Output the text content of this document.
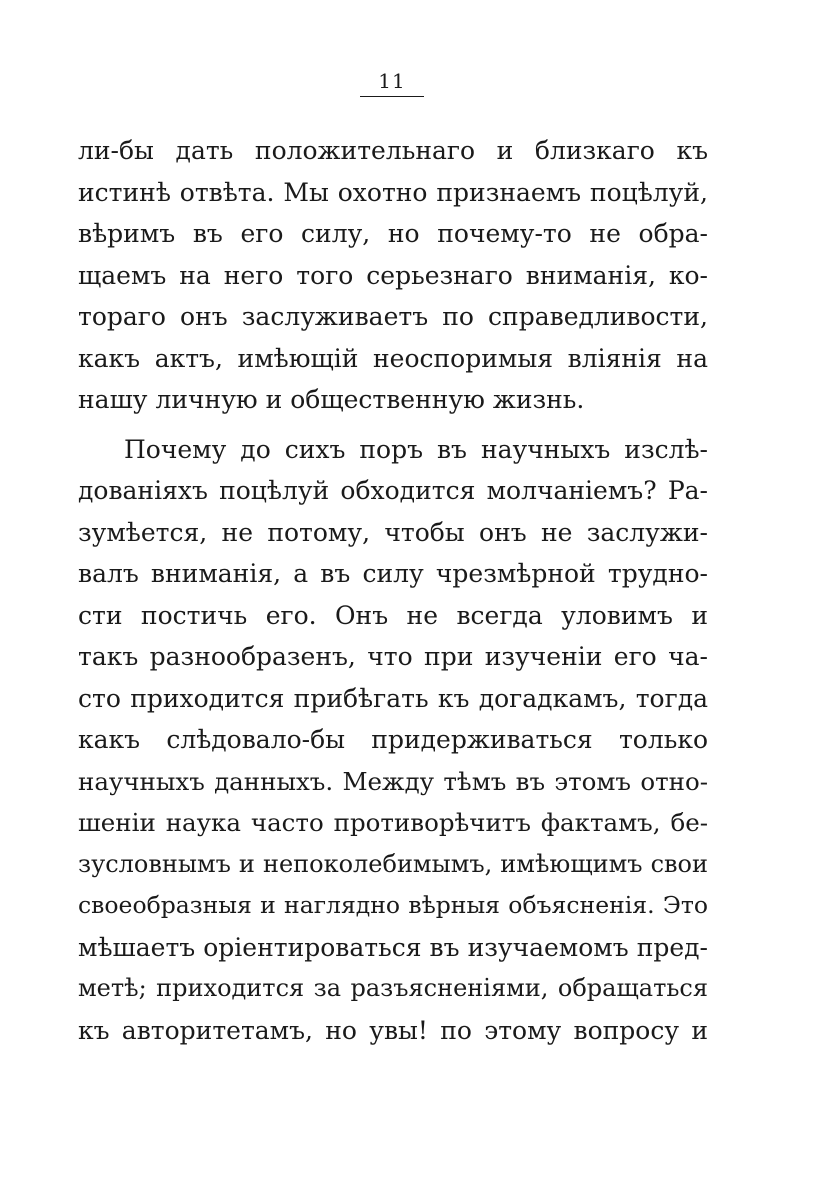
11
ли-бы дать положительнаго и близкаго къ
истинѣ отвѣта. Мы охотно признаемъ поцѣлуй,
вѣримъ въ его силу, но почему-то не обра-
щаемъ на него того серьезнаго вниманія, ко-
тораго онъ заслуживаетъ по справедливости,
какъ актъ, имѣющій неоспоримыя вліянія на
нашу личную и общественную жизнь.
Почему до сихъ поръ въ научныхъ изслѣ-
дованіяхъ поцѣлуй обходится молчаніемъ? Ра-
зумѣется, не потому, чтобы онъ не заслужи-
валъ вниманія, а въ силу чрезмѣрной трудно-
сти постичь его. Онъ не всегда уловимъ и
такъ разнообразенъ, что при изученіи его ча-
сто приходится прибѣгать къ догадкамъ, тогда
какъ слѣдовало-бы придерживаться только
научныхъ данныхъ. Между тѣмъ въ этомъ отно-
шеніи наука часто противорѣчитъ фактамъ, бе-
зусловнымъ и непоколебимымъ, имѣющимъ свои
своеобразныя и наглядно вѣрныя объясненія. Это
мѣшаетъ оріентироваться въ изучаемомъ пред-
метѣ; приходится за разъясненіями, обращаться
къ авторитетамъ, но увы! по этому вопросу и
